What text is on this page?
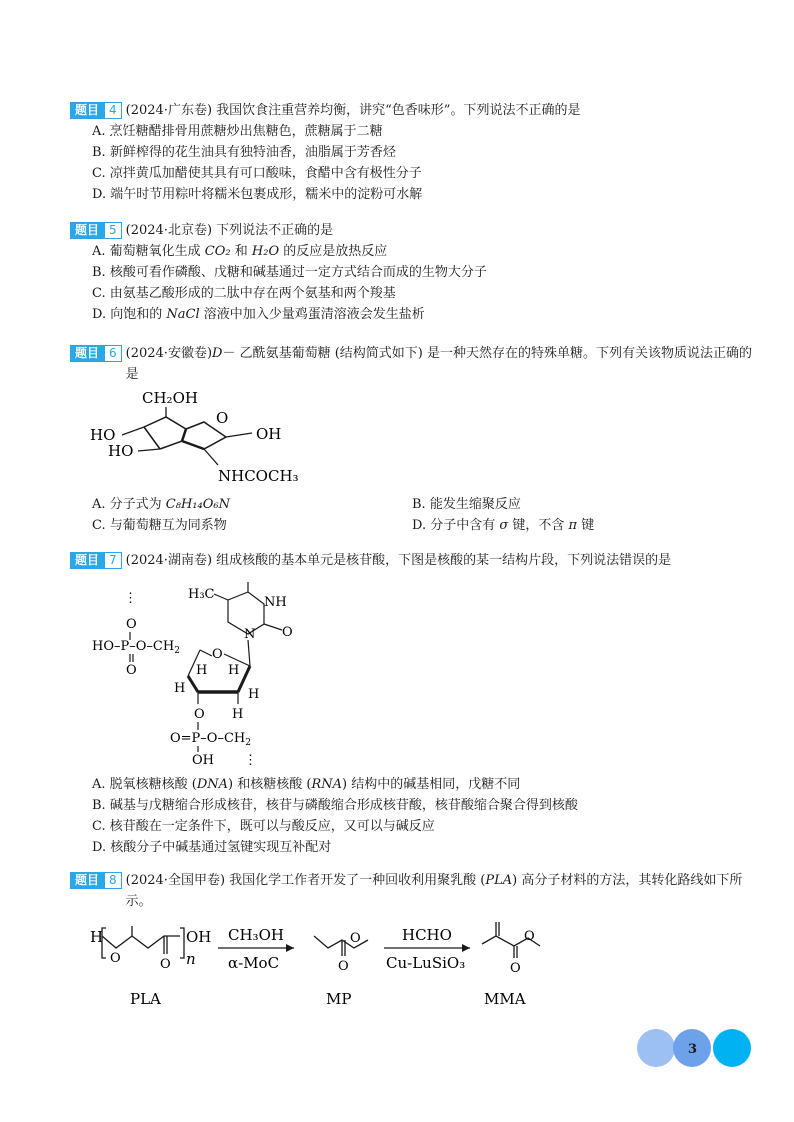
题目 4 (2024·广东卷) 我国饮食注重营养均衡，讲究“色香味形”。下列说法不正确的是
A. 烹饪糖醋排骨用蔗糖炒出焦糖色，蔗糖属于二糖
B. 新鲜榨得的花生油具有独特油香，油脂属于芳香烃
C. 凉拌黄瓜加醋使其具有可口酸味，食醋中含有极性分子
D. 端午时节用粽叶将糯米包裹成形，糯米中的淀粉可水解
题目 5 (2024·北京卷) 下列说法不正确的是
A. 葡萄糖氧化生成 CO₂ 和 H₂O 的反应是放热反应
B. 核酸可看作磷酸、戊糖和碱基通过一定方式结合而成的生物大分子
C. 由氨基乙酸形成的二肽中存在两个氨基和两个羧基
D. 向饱和的 NaCl 溶液中加入少量鸡蛋清溶液会发生盐析
题目 6 (2024·安徽卷)D－ 乙酰氨基葡萄糖 (结构简式如下) 是一种天然存在的特殊单糖。下列有关该物质说法正确的是
CH₂OH
O
HO
HO
OH
NHCOCH₃
A. 分子式为 C₈H₁₄O₆N	B. 能发生缩聚反应
C. 与葡萄糖互为同系物	D. 分子中含有 σ 键，不含 π 键
题目 7 (2024·湖南卷) 组成核酸的基本单元是核苷酸，下图是核酸的某一结构片段，下列说法错误的是
⋮
O
$HO-P-O-CH_2$
O
H₃C
NH
N O
O
H H
H	H
O H
$O=P-O-CH_2$
OH ⋮
A. 脱氧核糖核酸 (DNA) 和核糖核酸 (RNA) 结构中的碱基相同，戊糖不同
B. 碱基与戊糖缩合形成核苷，核苷与磷酸缩合形成核苷酸，核苷酸缩合聚合得到核酸
C. 核苷酸在一定条件下，既可以与酸反应，又可以与碱反应
D. 核酸分子中碱基通过氢键实现互补配对
题目 8 (2024·全国甲卷) 我国化学工作者开发了一种回收利用聚乳酸 (PLA) 高分子材料的方法，其转化路线如下所示。
H
O	O
OH
n
CH₃OH
α-MoC	O
O	HCHO
Cu-LuSiO₃	O
O
PLA	MP	MMA
3
